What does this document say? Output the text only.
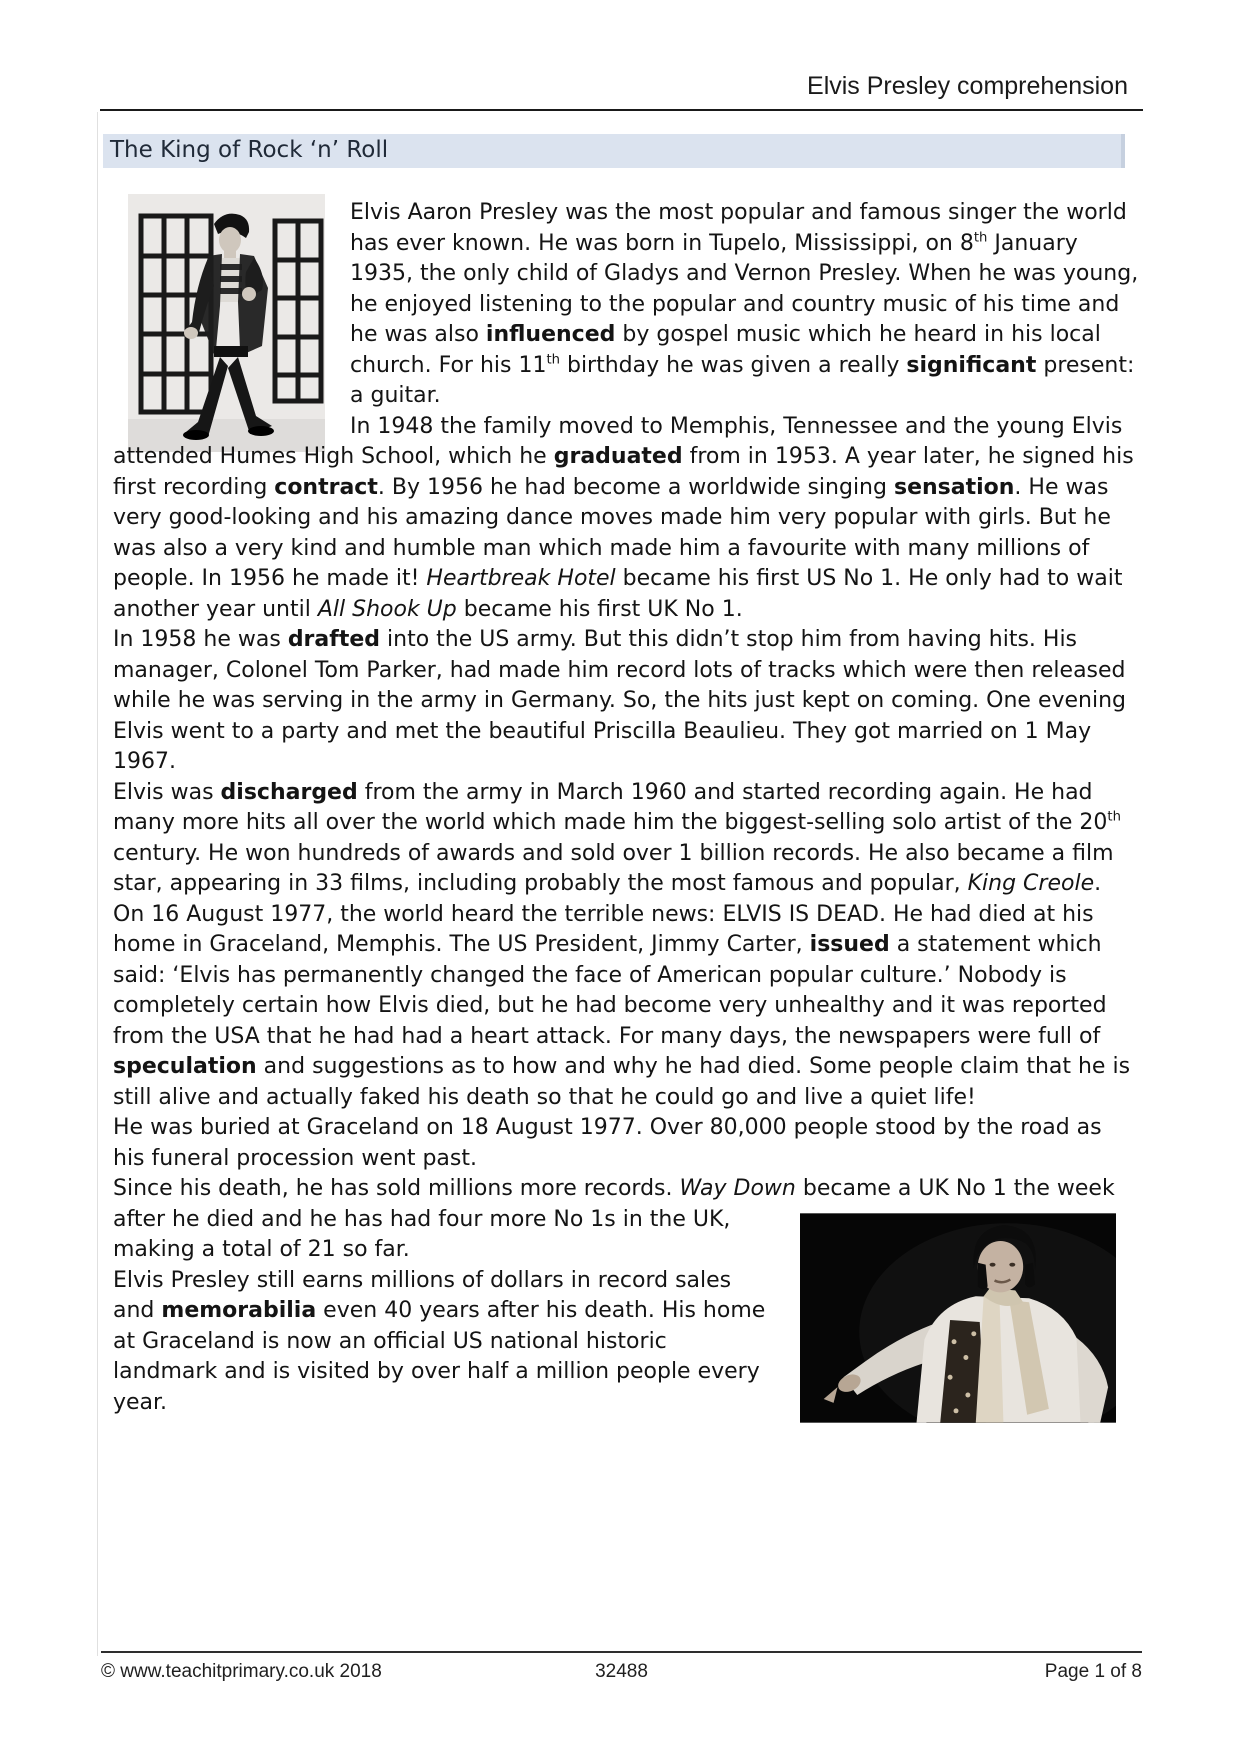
Elvis Presley comprehension
The King of Rock ‘n’ Roll

Elvis Aaron Presley was the most popular and famous singer the world has ever known. He was born in Tupelo, Mississippi, on 8th January 1935, the only child of Gladys and Vernon Presley. When he was young, he enjoyed listening to the popular and country music of his time and he was also influenced by gospel music which he heard in his local church. For his 11th birthday he was given a really significant present: a guitar.

In 1948 the family moved to Memphis, Tennessee and the young Elvis attended Humes High School, which he graduated from in 1953. A year later, he signed his first recording contract. By 1956 he had become a worldwide singing sensation. He was very good-looking and his amazing dance moves made him very popular with girls. But he was also a very kind and humble man which made him a favourite with many millions of people. In 1956 he made it! Heartbreak Hotel became his first US No 1. He only had to wait another year until All Shook Up became his first UK No 1.

In 1958 he was drafted into the US army. But this didn’t stop him from having hits. His manager, Colonel Tom Parker, had made him record lots of tracks which were then released while he was serving in the army in Germany. So, the hits just kept on coming. One evening Elvis went to a party and met the beautiful Priscilla Beaulieu. They got married on 1 May 1967.

Elvis was discharged from the army in March 1960 and started recording again. He had many more hits all over the world which made him the biggest-selling solo artist of the 20th century. He won hundreds of awards and sold over 1 billion records. He also became a film star, appearing in 33 films, including probably the most famous and popular, King Creole.

On 16 August 1977, the world heard the terrible news: ELVIS IS DEAD. He had died at his home in Graceland, Memphis. The US President, Jimmy Carter, issued a statement which said: ‘Elvis has permanently changed the face of American popular culture.’ Nobody is completely certain how Elvis died, but he had become very unhealthy and it was reported from the USA that he had had a heart attack. For many days, the newspapers were full of speculation and suggestions as to how and why he had died. Some people claim that he is still alive and actually faked his death so that he could go and live a quiet life!

He was buried at Graceland on 18 August 1977. Over 80,000 people stood by the road as his funeral procession went past.

Since his death, he has sold millions more records. Way Down became a UK No 1 the week after he died and he has had four more No 1s in the UK, making a total of 21 so far.

Elvis Presley still earns millions of dollars in record sales and memorabilia even 40 years after his death. His home at Graceland is now an official US national historic landmark and is visited by over half a million people every year.

© www.teachitprimary.co.uk 2018	32488	Page 1 of 8
